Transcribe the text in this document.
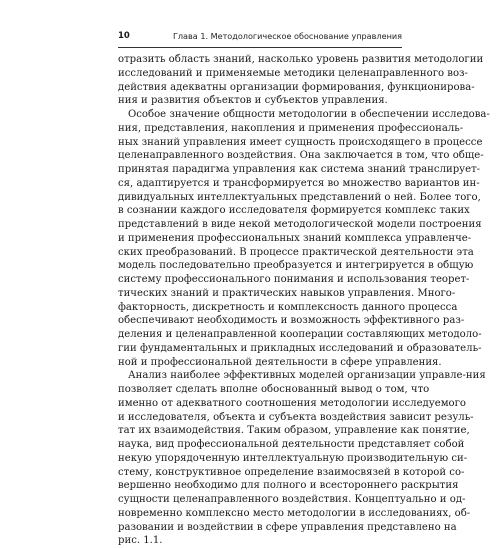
10	Глава 1. Методологическое обоснование управления
отразить область знаний, насколько уровень развития методологии
исследований и применяемые методики целенаправленного воз-
действия адекватны организации формирования, функционирова-
ния и развития объектов и субъектов управления.
Особое значение общности методологии в обеспечении исследова-
ния, представления, накопления и применения профессиональ-
ных знаний управления имеет сущность происходящего в процессе
целенаправленного воздействия. Она заключается в том, что обще-
принятая парадигма управления как система знаний транслирует-
ся, адаптируется и трансформируется во множество вариантов ин-
дивидуальных интеллектуальных представлений о ней. Более того,
в сознании каждого исследователя формируется комплекс таких
представлений в виде некой методологической модели построения
и применения профессиональных знаний комплекса управленче-
ских преобразований. В процессе практической деятельности эта
модель последовательно преобразуется и интегрируется в общую
систему профессионального понимания и использования теорет-
тических знаний и практических навыков управления. Много-
факторность, дискретность и комплексность данного процесса
обеспечивают необходимость и возможность эффективного раз-
деления и целенаправленной кооперации составляющих методоло-
гии фундаментальных и прикладных исследований и образователь-
ной и профессиональной деятельности в сфере управления.
Анализ наиболее эффективных моделей организации управле-ния
позволяет сделать вполне обоснованный вывод о том, что
именно от адекватного соотношения методологии исследуемого
и исследователя, объекта и субъекта воздействия зависит резуль-
тат их взаимодействия. Таким образом, управление как понятие,
наука, вид профессиональной деятельности представляет собой
некую упорядоченную интеллектуальную производительную си-
стему, конструктивное определение взаимосвязей в которой со-
вершенно необходимо для полного и всестороннего раскрытия
сущности целенаправленного воздействия. Концептуально и од-
новременно комплексно место методологии в исследованиях, об-
разовании и воздействии в сфере управления представлено на
рис. 1.1.
